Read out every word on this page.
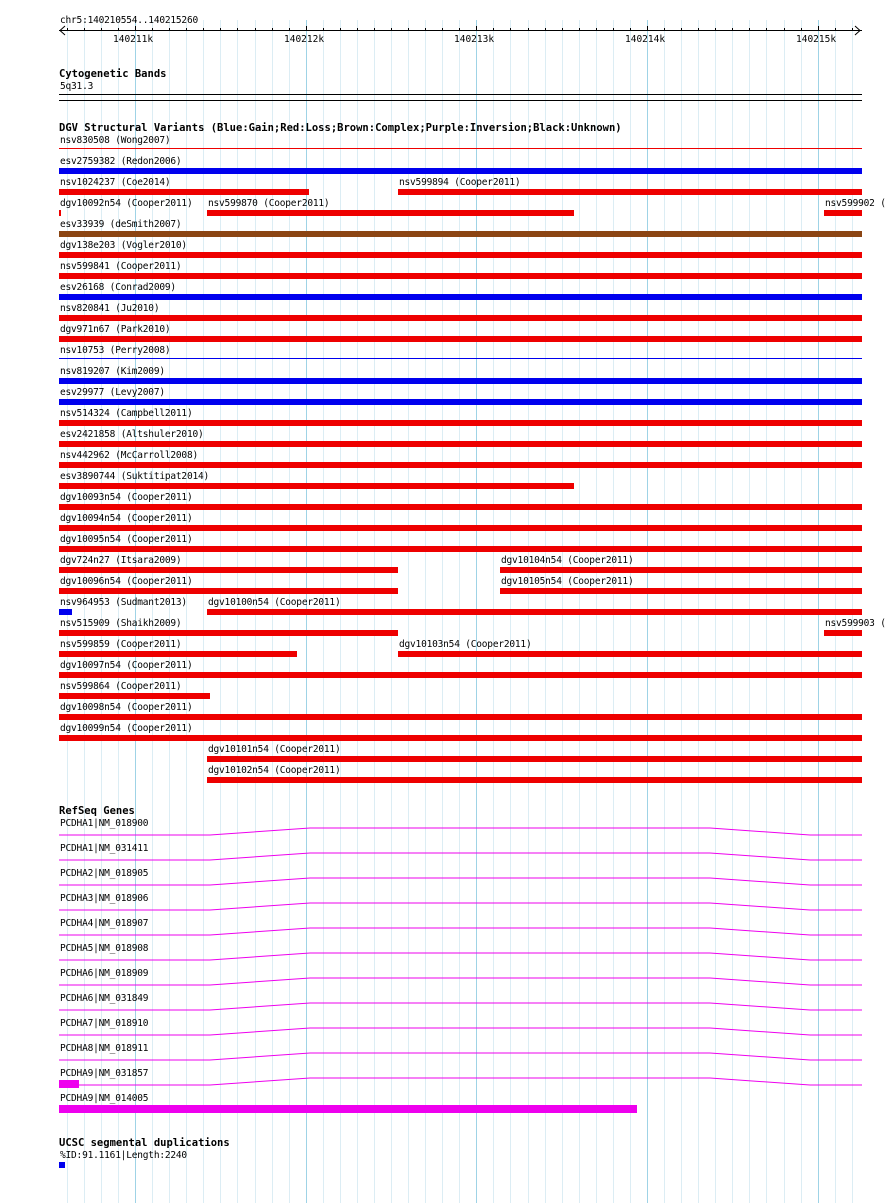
chr5:140210554..140215260
140211k	140212k	140213k	140214k	140215k
Cytogenetic Bands
5q31.3
DGV Structural Variants (Blue:Gain;Red:Loss;Brown:Complex;Purple:Inversion;Black:Unknown)
nsv830508 (Wong2007)
esv2759382 (Redon2006)
nsv1024237 (Coe2014)	nsv599894 (Cooper2011)
dgv10092n54 (Cooper2011) nsv599870 (Cooper2011)	nsv599902 (
esv33939 (deSmith2007)
dgv138e203 (Vogler2010)
nsv599841 (Cooper2011)
esv26168 (Conrad2009)
nsv820841 (Ju2010)
dgv971n67 (Park2010)
nsv10753 (Perry2008)
nsv819207 (Kim2009)
esv29977 (Levy2007)
nsv514324 (Campbell2011)
esv2421858 (Altshuler2010)
nsv442962 (McCarroll2008)
esv3890744 (Suktitipat2014)
dgv10093n54 (Cooper2011)
dgv10094n54 (Cooper2011)
dgv10095n54 (Cooper2011)
dgv724n27 (Itsara2009)	dgv10104n54 (Cooper2011)
dgv10096n54 (Cooper2011)	dgv10105n54 (Cooper2011)
nsv964953 (Sudmant2013) dgv10100n54 (Cooper2011)
nsv515909 (Shaikh2009)	nsv599903 (
nsv599859 (Cooper2011)	dgv10103n54 (Cooper2011)
dgv10097n54 (Cooper2011)
nsv599864 (Cooper2011)
dgv10098n54 (Cooper2011)
dgv10099n54 (Cooper2011)
dgv10101n54 (Cooper2011)
dgv10102n54 (Cooper2011)
RefSeq Genes
PCDHA1|NM_018900
PCDHA1|NM_031411
PCDHA2|NM_018905
PCDHA3|NM_018906
PCDHA4|NM_018907
PCDHA5|NM_018908
PCDHA6|NM_018909
PCDHA6|NM_031849
PCDHA7|NM_018910
PCDHA8|NM_018911
PCDHA9|NM_031857
PCDHA9|NM_014005
UCSC segmental duplications
%ID:91.1161|Length:2240
